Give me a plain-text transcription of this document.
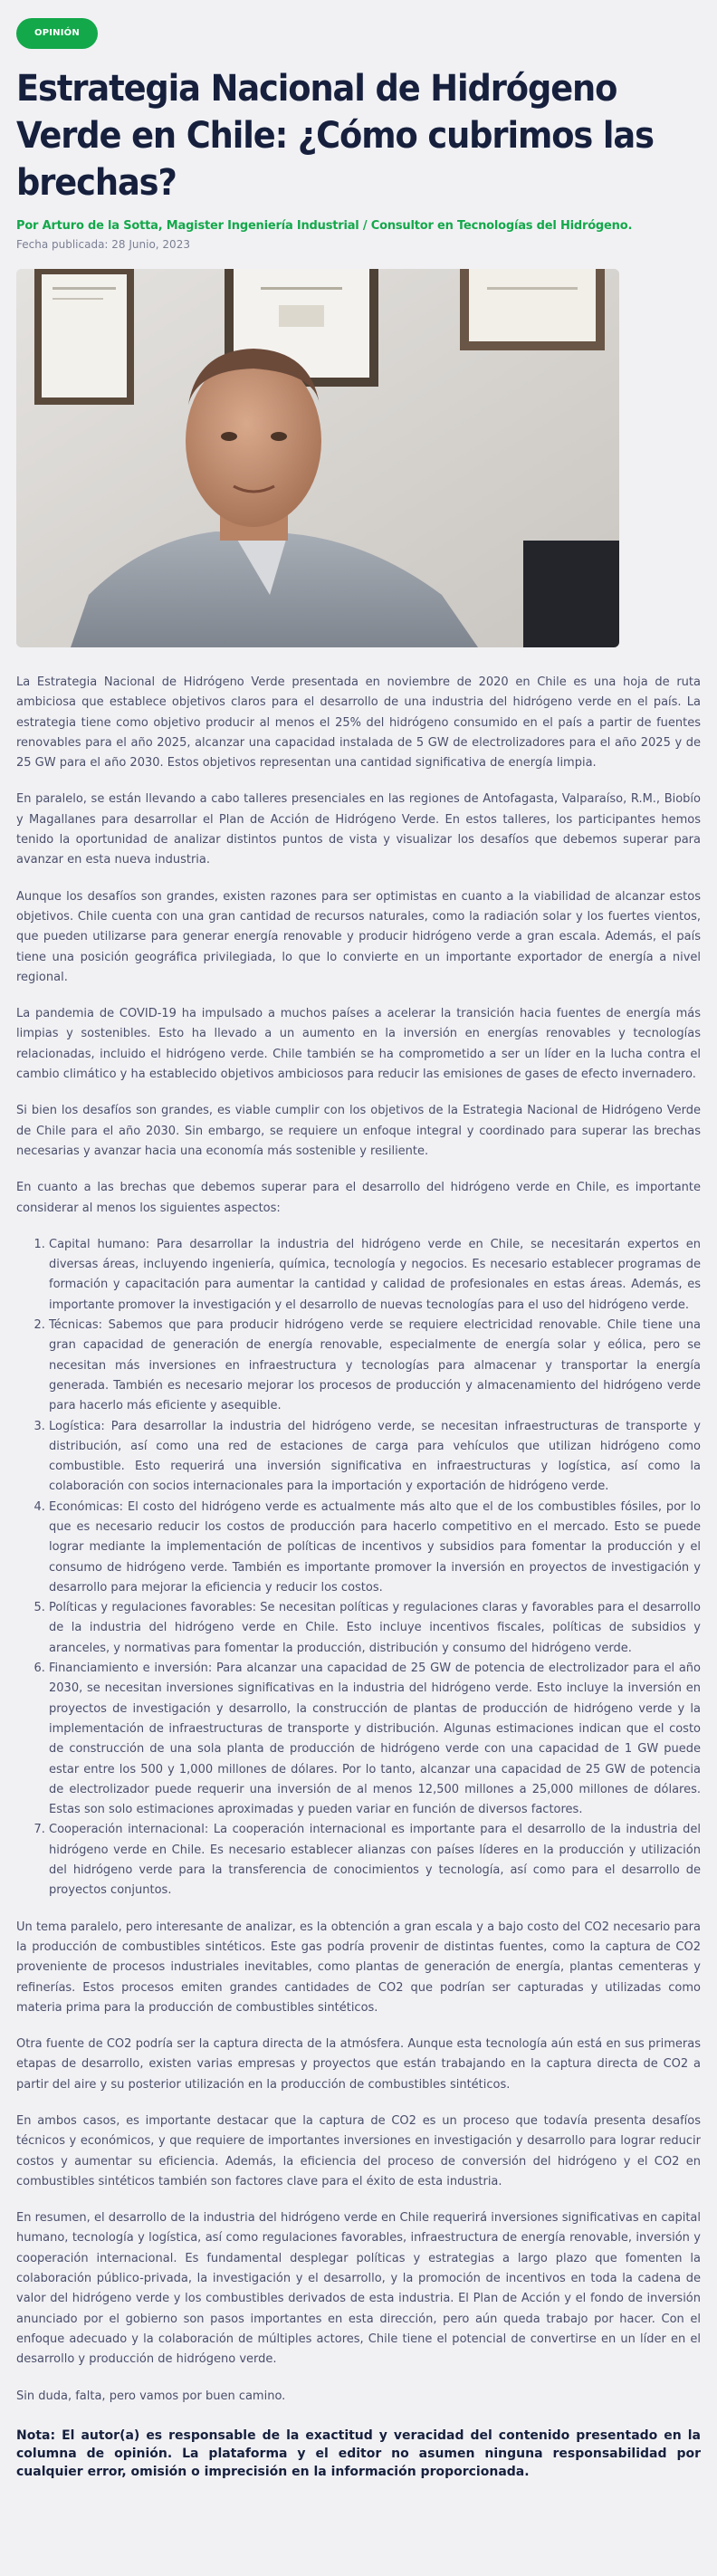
OPINIÓN
Estrategia Nacional de Hidrógeno Verde en Chile: ¿Cómo cubrimos las brechas?
Por Arturo de la Sotta, Magister Ingeniería Industrial / Consultor en Tecnologías del Hidrógeno.
Fecha publicada: 28 Junio, 2023

La Estrategia Nacional de Hidrógeno Verde presentada en noviembre de 2020 en Chile es una hoja de ruta ambiciosa que establece objetivos claros para el desarrollo de una industria del hidrógeno verde en el país. La estrategia tiene como objetivo producir al menos el 25% del hidrógeno consumido en el país a partir de fuentes renovables para el año 2025, alcanzar una capacidad instalada de 5 GW de electrolizadores para el año 2025 y de 25 GW para el año 2030. Estos objetivos representan una cantidad significativa de energía limpia.

En paralelo, se están llevando a cabo talleres presenciales en las regiones de Antofagasta, Valparaíso, R.M., Biobío y Magallanes para desarrollar el Plan de Acción de Hidrógeno Verde. En estos talleres, los participantes hemos tenido la oportunidad de analizar distintos puntos de vista y visualizar los desafíos que debemos superar para avanzar en esta nueva industria.

Aunque los desafíos son grandes, existen razones para ser optimistas en cuanto a la viabilidad de alcanzar estos objetivos. Chile cuenta con una gran cantidad de recursos naturales, como la radiación solar y los fuertes vientos, que pueden utilizarse para generar energía renovable y producir hidrógeno verde a gran escala. Además, el país tiene una posición geográfica privilegiada, lo que lo convierte en un importante exportador de energía a nivel regional.

La pandemia de COVID-19 ha impulsado a muchos países a acelerar la transición hacia fuentes de energía más limpias y sostenibles. Esto ha llevado a un aumento en la inversión en energías renovables y tecnologías relacionadas, incluido el hidrógeno verde. Chile también se ha comprometido a ser un líder en la lucha contra el cambio climático y ha establecido objetivos ambiciosos para reducir las emisiones de gases de efecto invernadero.

Si bien los desafíos son grandes, es viable cumplir con los objetivos de la Estrategia Nacional de Hidrógeno Verde de Chile para el año 2030. Sin embargo, se requiere un enfoque integral y coordinado para superar las brechas necesarias y avanzar hacia una economía más sostenible y resiliente.

En cuanto a las brechas que debemos superar para el desarrollo del hidrógeno verde en Chile, es importante considerar al menos los siguientes aspectos:

1. Capital humano: Para desarrollar la industria del hidrógeno verde en Chile, se necesitarán expertos en diversas áreas, incluyendo ingeniería, química, tecnología y negocios. Es necesario establecer programas de formación y capacitación para aumentar la cantidad y calidad de profesionales en estas áreas. Además, es importante promover la investigación y el desarrollo de nuevas tecnologías para el uso del hidrógeno verde.
2. Técnicas: Sabemos que para producir hidrógeno verde se requiere electricidad renovable. Chile tiene una gran capacidad de generación de energía renovable, especialmente de energía solar y eólica, pero se necesitan más inversiones en infraestructura y tecnologías para almacenar y transportar la energía generada. También es necesario mejorar los procesos de producción y almacenamiento del hidrógeno verde para hacerlo más eficiente y asequible.
3. Logística: Para desarrollar la industria del hidrógeno verde, se necesitan infraestructuras de transporte y distribución, así como una red de estaciones de carga para vehículos que utilizan hidrógeno como combustible. Esto requerirá una inversión significativa en infraestructuras y logística, así como la colaboración con socios internacionales para la importación y exportación de hidrógeno verde.
4. Económicas: El costo del hidrógeno verde es actualmente más alto que el de los combustibles fósiles, por lo que es necesario reducir los costos de producción para hacerlo competitivo en el mercado. Esto se puede lograr mediante la implementación de políticas de incentivos y subsidios para fomentar la producción y el consumo de hidrógeno verde. También es importante promover la inversión en proyectos de investigación y desarrollo para mejorar la eficiencia y reducir los costos.
5. Políticas y regulaciones favorables: Se necesitan políticas y regulaciones claras y favorables para el desarrollo de la industria del hidrógeno verde en Chile. Esto incluye incentivos fiscales, políticas de subsidios y aranceles, y normativas para fomentar la producción, distribución y consumo del hidrógeno verde.
6. Financiamiento e inversión: Para alcanzar una capacidad de 25 GW de potencia de electrolizador para el año 2030, se necesitan inversiones significativas en la industria del hidrógeno verde. Esto incluye la inversión en proyectos de investigación y desarrollo, la construcción de plantas de producción de hidrógeno verde y la implementación de infraestructuras de transporte y distribución. Algunas estimaciones indican que el costo de construcción de una sola planta de producción de hidrógeno verde con una capacidad de 1 GW puede estar entre los 500 y 1,000 millones de dólares. Por lo tanto, alcanzar una capacidad de 25 GW de potencia de electrolizador puede requerir una inversión de al menos 12,500 millones a 25,000 millones de dólares. Estas son solo estimaciones aproximadas y pueden variar en función de diversos factores.
7. Cooperación internacional: La cooperación internacional es importante para el desarrollo de la industria del hidrógeno verde en Chile. Es necesario establecer alianzas con países líderes en la producción y utilización del hidrógeno verde para la transferencia de conocimientos y tecnología, así como para el desarrollo de proyectos conjuntos.

Un tema paralelo, pero interesante de analizar, es la obtención a gran escala y a bajo costo del CO2 necesario para la producción de combustibles sintéticos. Este gas podría provenir de distintas fuentes, como la captura de CO2 proveniente de procesos industriales inevitables, como plantas de generación de energía, plantas cementeras y refinerías. Estos procesos emiten grandes cantidades de CO2 que podrían ser capturadas y utilizadas como materia prima para la producción de combustibles sintéticos.

Otra fuente de CO2 podría ser la captura directa de la atmósfera. Aunque esta tecnología aún está en sus primeras etapas de desarrollo, existen varias empresas y proyectos que están trabajando en la captura directa de CO2 a partir del aire y su posterior utilización en la producción de combustibles sintéticos.

En ambos casos, es importante destacar que la captura de CO2 es un proceso que todavía presenta desafíos técnicos y económicos, y que requiere de importantes inversiones en investigación y desarrollo para lograr reducir costos y aumentar su eficiencia. Además, la eficiencia del proceso de conversión del hidrógeno y el CO2 en combustibles sintéticos también son factores clave para el éxito de esta industria.

En resumen, el desarrollo de la industria del hidrógeno verde en Chile requerirá inversiones significativas en capital humano, tecnología y logística, así como regulaciones favorables, infraestructura de energía renovable, inversión y cooperación internacional. Es fundamental desplegar políticas y estrategias a largo plazo que fomenten la colaboración público-privada, la investigación y el desarrollo, y la promoción de incentivos en toda la cadena de valor del hidrógeno verde y los combustibles derivados de esta industria. El Plan de Acción y el fondo de inversión anunciado por el gobierno son pasos importantes en esta dirección, pero aún queda trabajo por hacer. Con el enfoque adecuado y la colaboración de múltiples actores, Chile tiene el potencial de convertirse en un líder en el desarrollo y producción de hidrógeno verde.

Sin duda, falta, pero vamos por buen camino.

Nota: El autor(a) es responsable de la exactitud y veracidad del contenido presentado en la columna de opinión. La plataforma y el editor no asumen ninguna responsabilidad por cualquier error, omisión o imprecisión en la información proporcionada.
